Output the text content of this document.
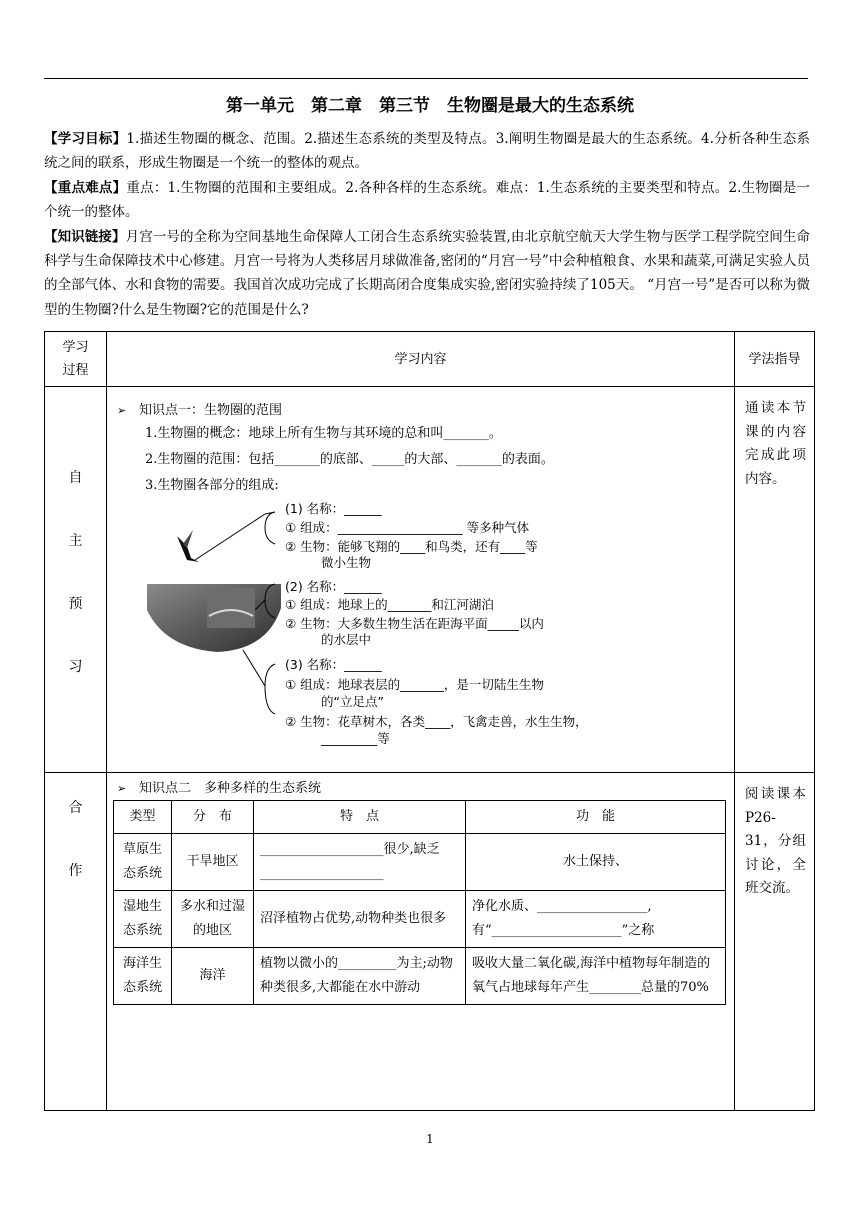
第一单元　第二章　第三节　生物圈是最大的生态系统

【学习目标】1.描述生物圈的概念、范围。2.描述生态系统的类型及特点。3.阐明生物圈是最大的生态系统。4.分析各种生态系统之间的联系，形成生物圈是一个统一的整体的观点。

【重点难点】重点：1.生物圈的范围和主要组成。2.各种各样的生态系统。难点：1.生态系统的主要类型和特点。2.生物圈是一个统一的整体。

【知识链接】月宫一号的全称为空间基地生命保障人工闭合生态系统实验装置,由北京航空航天大学生物与医学工程学院空间生命科学与生命保障技术中心修建。月宫一号将为人类移居月球做准备,密闭的“月宫一号”中会种植粮食、水果和蔬菜,可满足实验人员的全部气体、水和食物的需要。我国首次成功完成了长期高闭合度集成实验,密闭实验持续了105天。 “月宫一号”是否可以称为微型的生物圈?什么是生物圈?它的范围是什么?

学习过程	学习内容	学法指导

自
主
预
习

➢ 知识点一：生物圈的范围
1.生物圈的概念：地球上所有生物与其环境的总和叫_______。
2.生物圈的范围：包括_______的底部、_____的大部、_______的表面。
3.生物圈各部分的组成:
(1) 名称：______
① 组成：____________________ 等多种气体
② 生物：能够飞翔的____和鸟类，还有____等
微小生物
(2) 名称：______
① 组成：地球上的_______和江河湖泊
② 生物：大多数生物生活在距海平面_____以内
的水层中
(3) 名称：______
① 组成：地球表层的_______，是一切陆生生物
的“立足点”
② 生物：花草树木，各类____，飞禽走兽，水生生物，
_________等
	通读本节课的内容完成此项内容。

合
作

➢ 知识点二　多种多样的生态系统
类型	分　布	特　点	功　能
草原生态系统	干旱地区	___________________很少,缺乏___________________	水土保持、
湿地生态系统	多水和过湿的地区	沼泽植物占优势,动物种类也很多	净化水质、_________________,有“____________________”之称
海洋生态系统	海洋	植物以微小的_________为主;动物种类很多,大都能在水中游动	吸收大量二氧化碳,海洋中植物每年制造的氧气占地球每年产生________总量的70%
	阅读课本P26-31，分组讨论，全班交流。
1
